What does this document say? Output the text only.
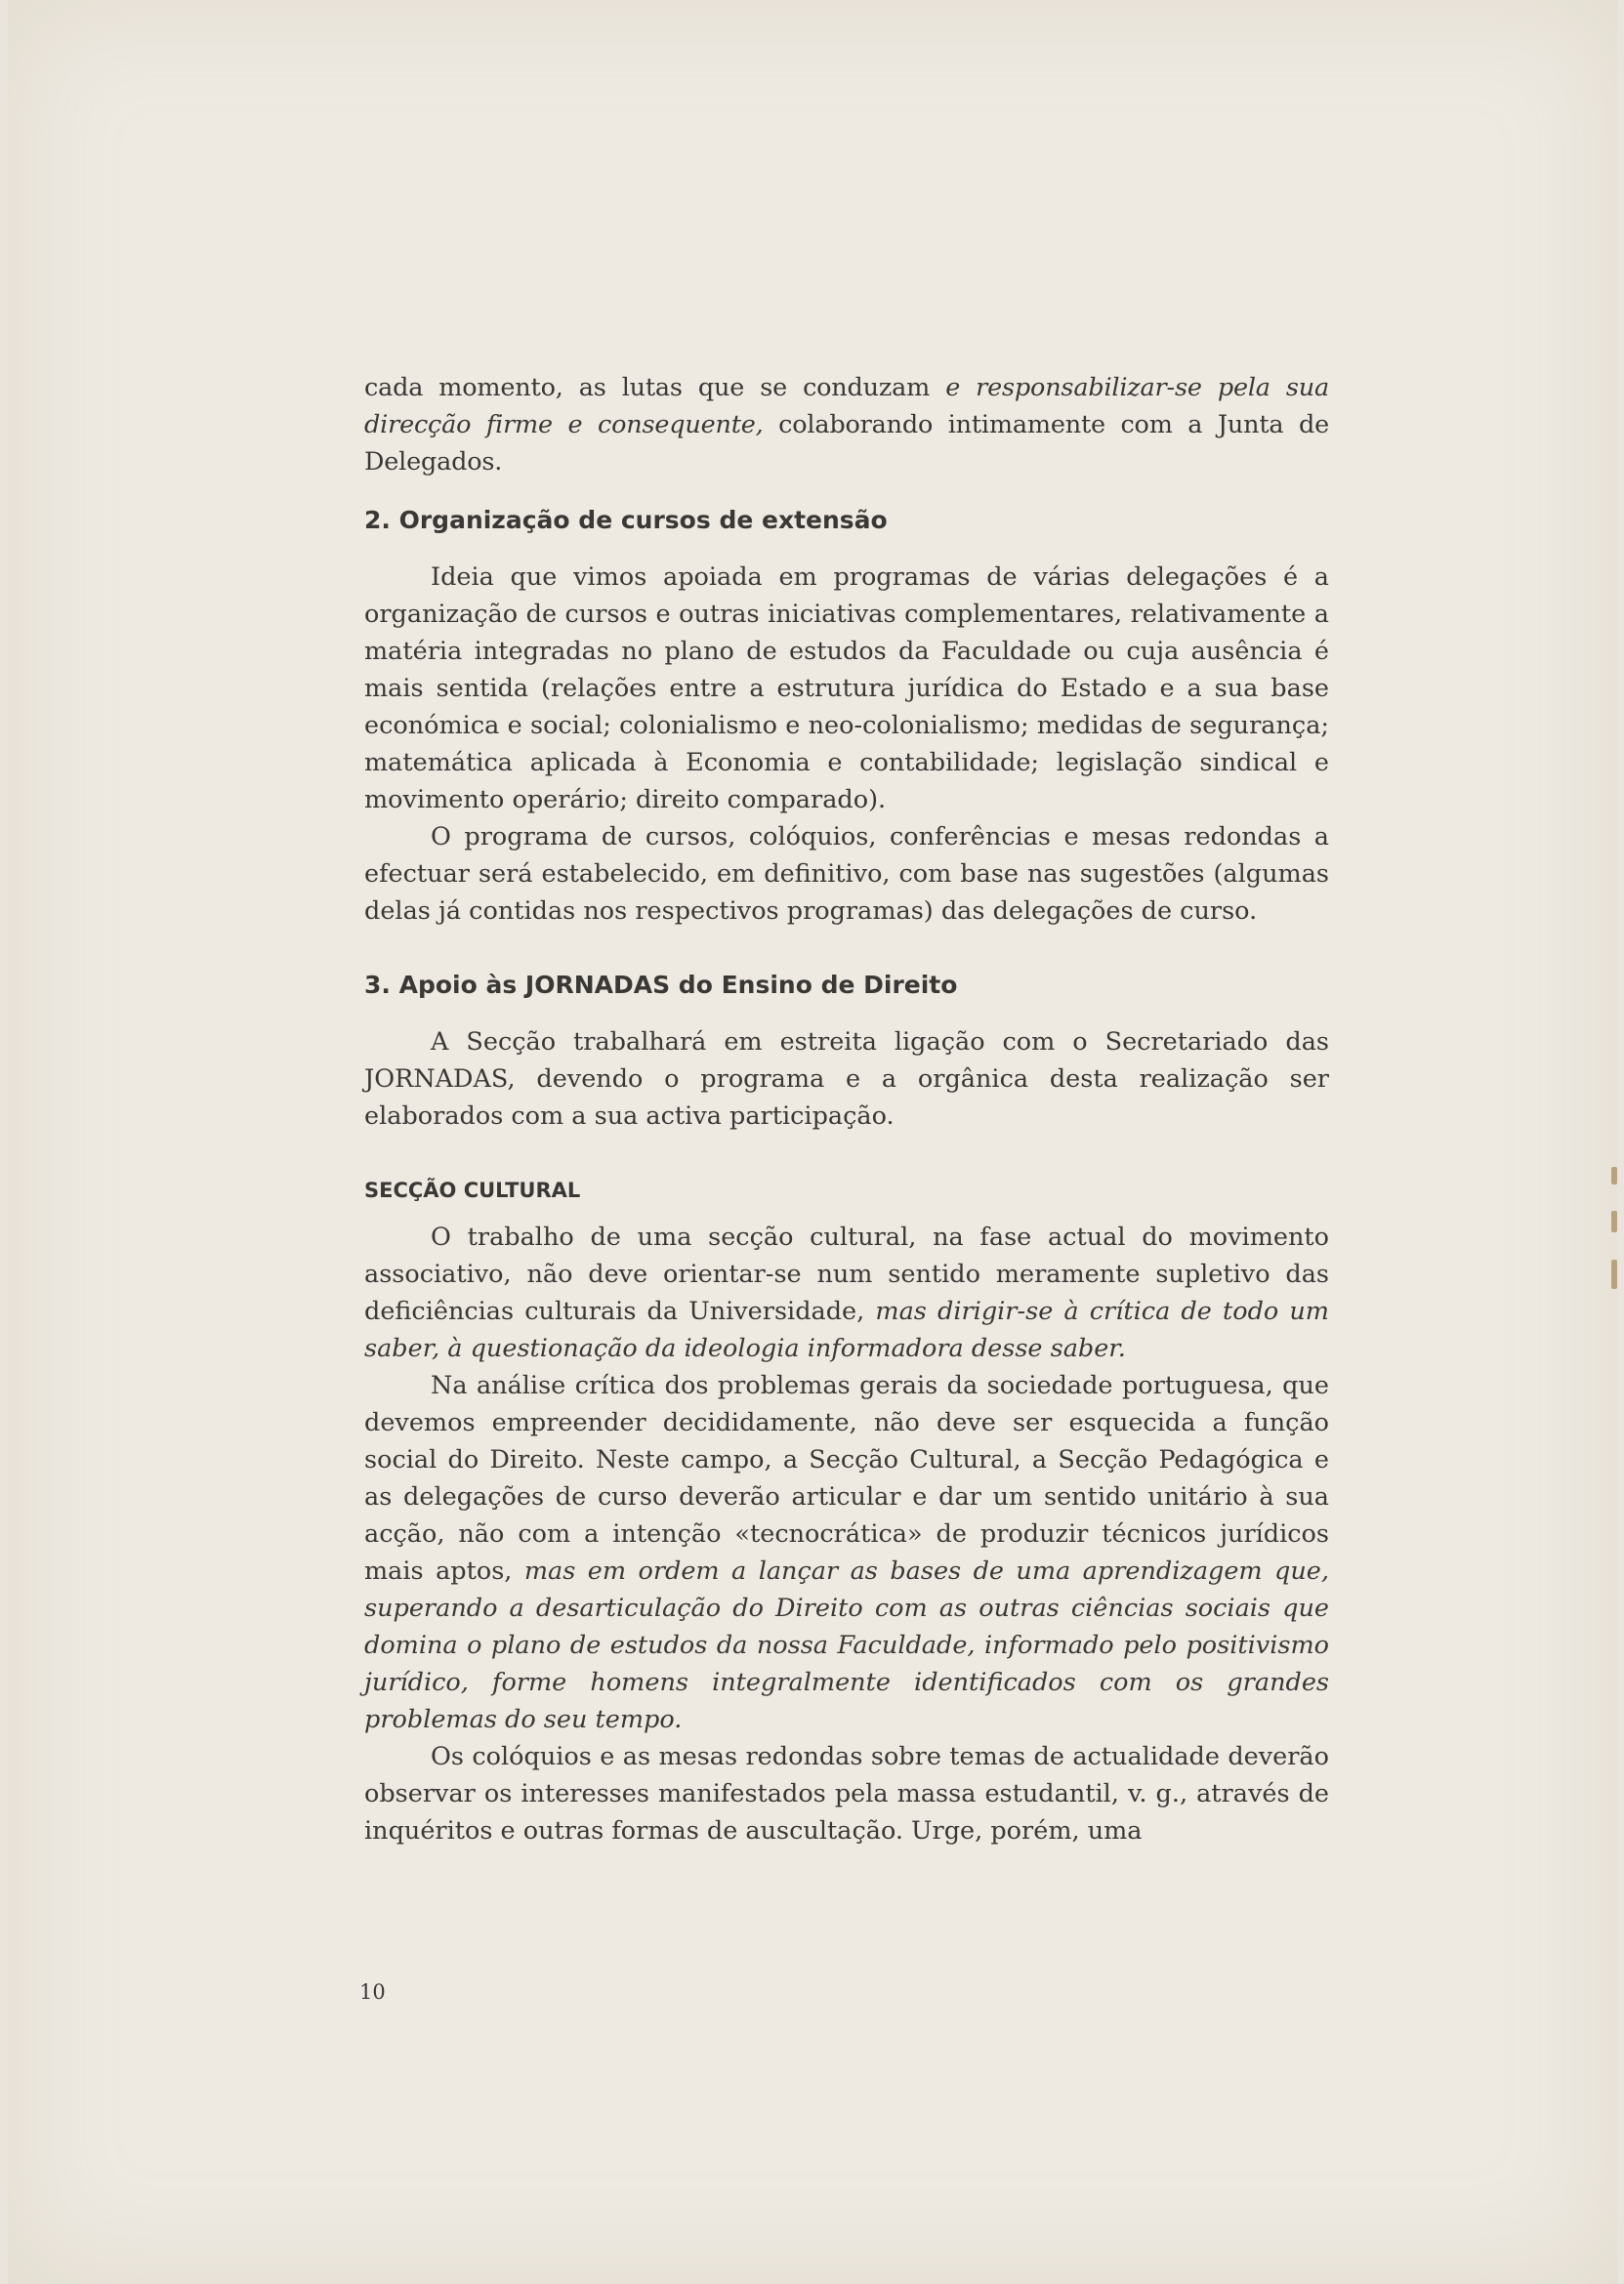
cada momento, as lutas que se conduzam e responsabilizar-se pela sua direcção firme e consequente, colaborando intimamente com a Junta de Delegados.

2. Organização de cursos de extensão

Ideia que vimos apoiada em programas de várias delegações é a organização de cursos e outras iniciativas complementares, relativamente a matéria integradas no plano de estudos da Faculdade ou cuja ausência é mais sentida (relações entre a estrutura jurídica do Estado e a sua base económica e social; colonialismo e neo-colonialismo; medidas de segurança; matemática aplicada à Economia e contabilidade; legislação sindical e movimento operário; direito comparado).

O programa de cursos, colóquios, conferências e mesas redondas a efectuar será estabelecido, em definitivo, com base nas sugestões (algumas delas já contidas nos respectivos programas) das delegações de curso.

3. Apoio às JORNADAS do Ensino de Direito

A Secção trabalhará em estreita ligação com o Secretariado das JORNADAS, devendo o programa e a orgânica desta realização ser elaborados com a sua activa participação.

SECÇÃO CULTURAL

O trabalho de uma secção cultural, na fase actual do movimento associativo, não deve orientar-se num sentido meramente supletivo das deficiências culturais da Universidade, mas dirigir-se à crítica de todo um saber, à questionação da ideologia informadora desse saber.

Na análise crítica dos problemas gerais da sociedade portuguesa, que devemos empreender decididamente, não deve ser esquecida a função social do Direito. Neste campo, a Secção Cultural, a Secção Pedagógica e as delegações de curso deverão articular e dar um sentido unitário à sua acção, não com a intenção «tecnocrática» de produzir técnicos jurídicos mais aptos, mas em ordem a lançar as bases de uma aprendizagem que, superando a desarticulação do Direito com as outras ciências sociais que domina o plano de estudos da nossa Faculdade, informado pelo positivismo jurídico, forme homens integralmente identificados com os grandes problemas do seu tempo.

Os colóquios e as mesas redondas sobre temas de actualidade deverão observar os interesses manifestados pela massa estudantil, v. g., através de inquéritos e outras formas de auscultação. Urge, porém, uma

10
